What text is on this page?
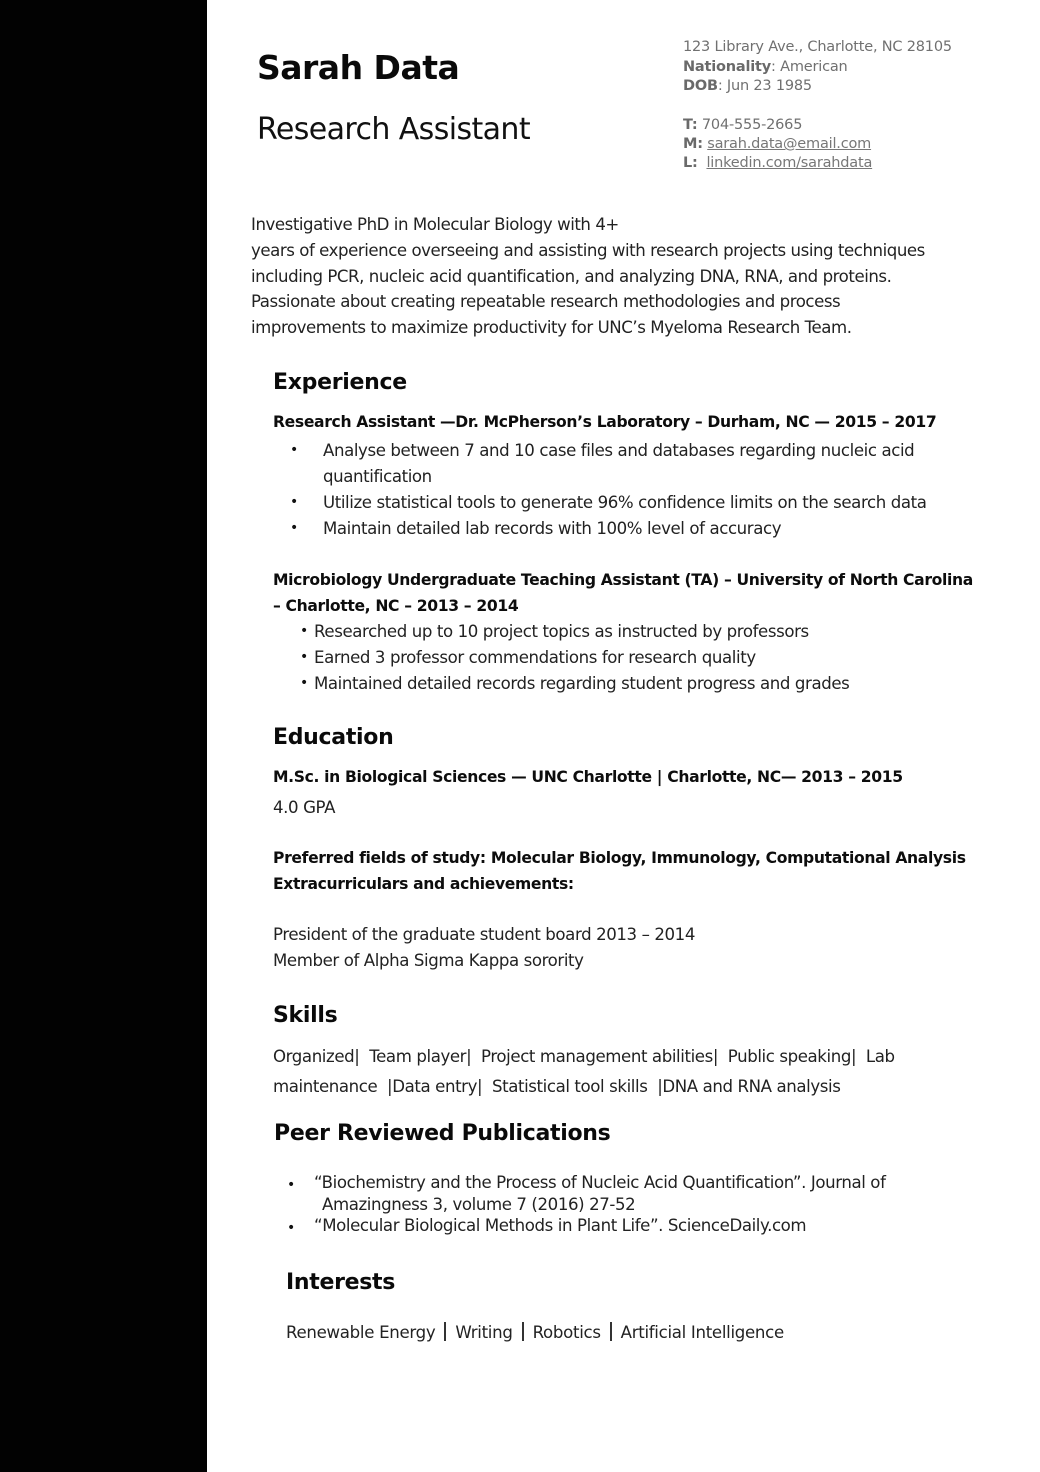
Sarah Data
Research Assistant
123 Library Ave., Charlotte, NC 28105
Nationality: American
DOB: Jun 23 1985
T: 704-555-2665
M: sarah.data@email.com
L: linkedin.com/sarahdata
Investigative PhD in Molecular Biology with 4+
years of experience overseeing and assisting with research projects using techniques
including PCR, nucleic acid quantification, and analyzing DNA, RNA, and proteins.
Passionate about creating repeatable research methodologies and process
improvements to maximize productivity for UNC’s Myeloma Research Team.
Experience
Research Assistant —Dr. McPherson’s Laboratory – Durham, NC — 2015 – 2017
• Analyse between 7 and 10 case files and databases regarding nucleic acid
quantification
• Utilize statistical tools to generate 96% confidence limits on the search data
• Maintain detailed lab records with 100% level of accuracy
Microbiology Undergraduate Teaching Assistant (TA) – University of North Carolina
– Charlotte, NC – 2013 – 2014
• Researched up to 10 project topics as instructed by professors
• Earned 3 professor commendations for research quality
• Maintained detailed records regarding student progress and grades
Education
M.Sc. in Biological Sciences — UNC Charlotte | Charlotte, NC— 2013 – 2015
4.0 GPA
Preferred fields of study: Molecular Biology, Immunology, Computational Analysis
Extracurriculars and achievements:
President of the graduate student board 2013 – 2014
Member of Alpha Sigma Kappa sorority
Skills
Organized|  Team player|  Project management abilities|  Public speaking|  Lab
maintenance  |Data entry|  Statistical tool skills  |DNA and RNA analysis
Peer Reviewed Publications
• “Biochemistry and the Process of Nucleic Acid Quantification”. Journal of
Amazingness 3, volume 7 (2016) 27-52
• “Molecular Biological Methods in Plant Life”. ScienceDaily.com
Interests
Renewable Energy Writing Robotics Artificial Intelligence
